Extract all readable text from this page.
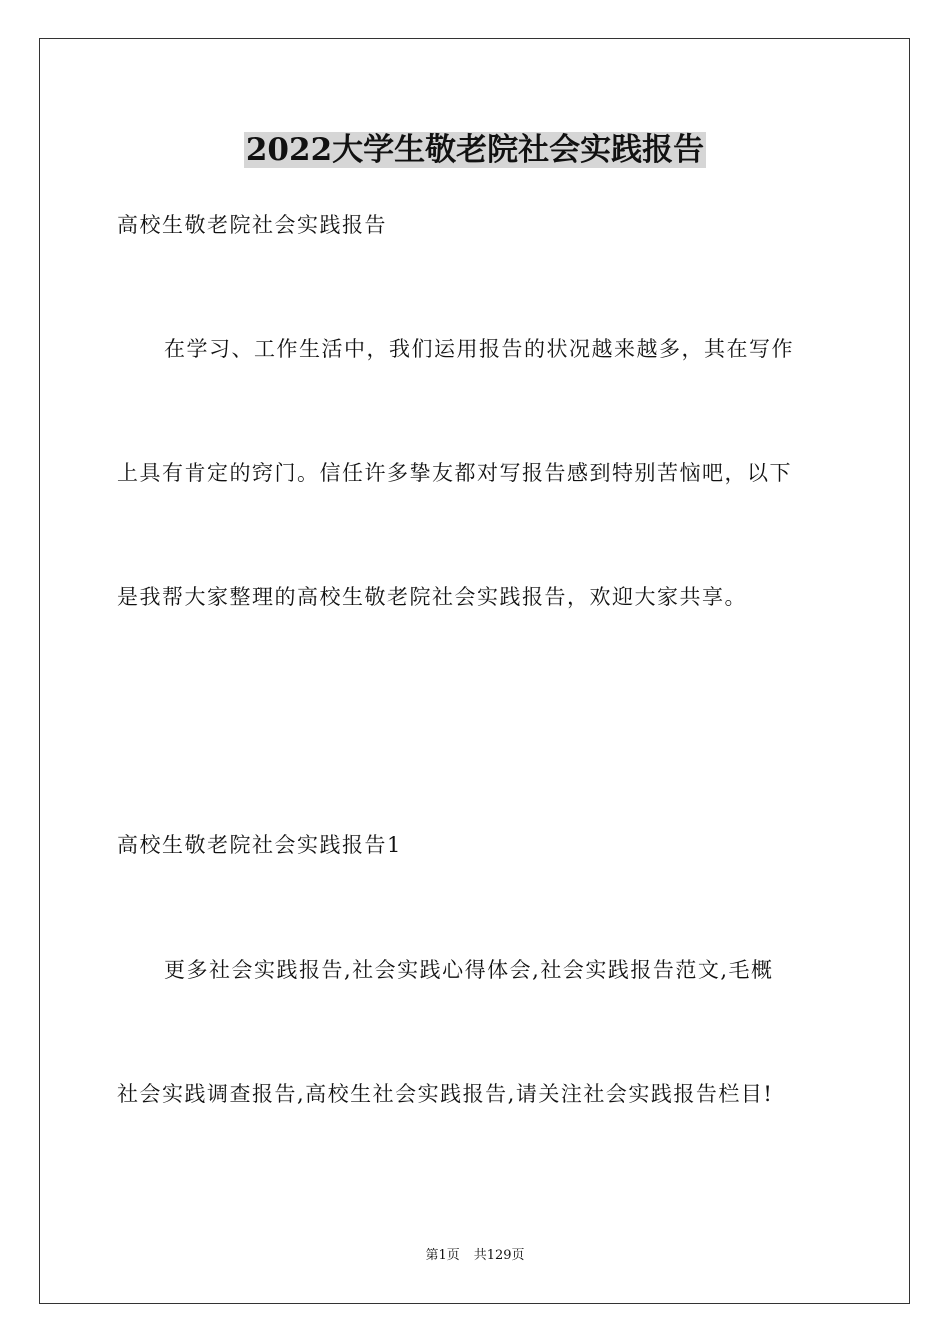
2022大学生敬老院社会实践报告

高校生敬老院社会实践报告

在学习、工作生活中，我们运用报告的状况越来越多，其在写作

上具有肯定的窍门。信任许多挚友都对写报告感到特别苦恼吧，以下

是我帮大家整理的高校生敬老院社会实践报告，欢迎大家共享。

高校生敬老院社会实践报告1

更多社会实践报告,社会实践心得体会,社会实践报告范文,毛概

社会实践调查报告,高校生社会实践报告,请关注社会实践报告栏目!

第1页 共129页
